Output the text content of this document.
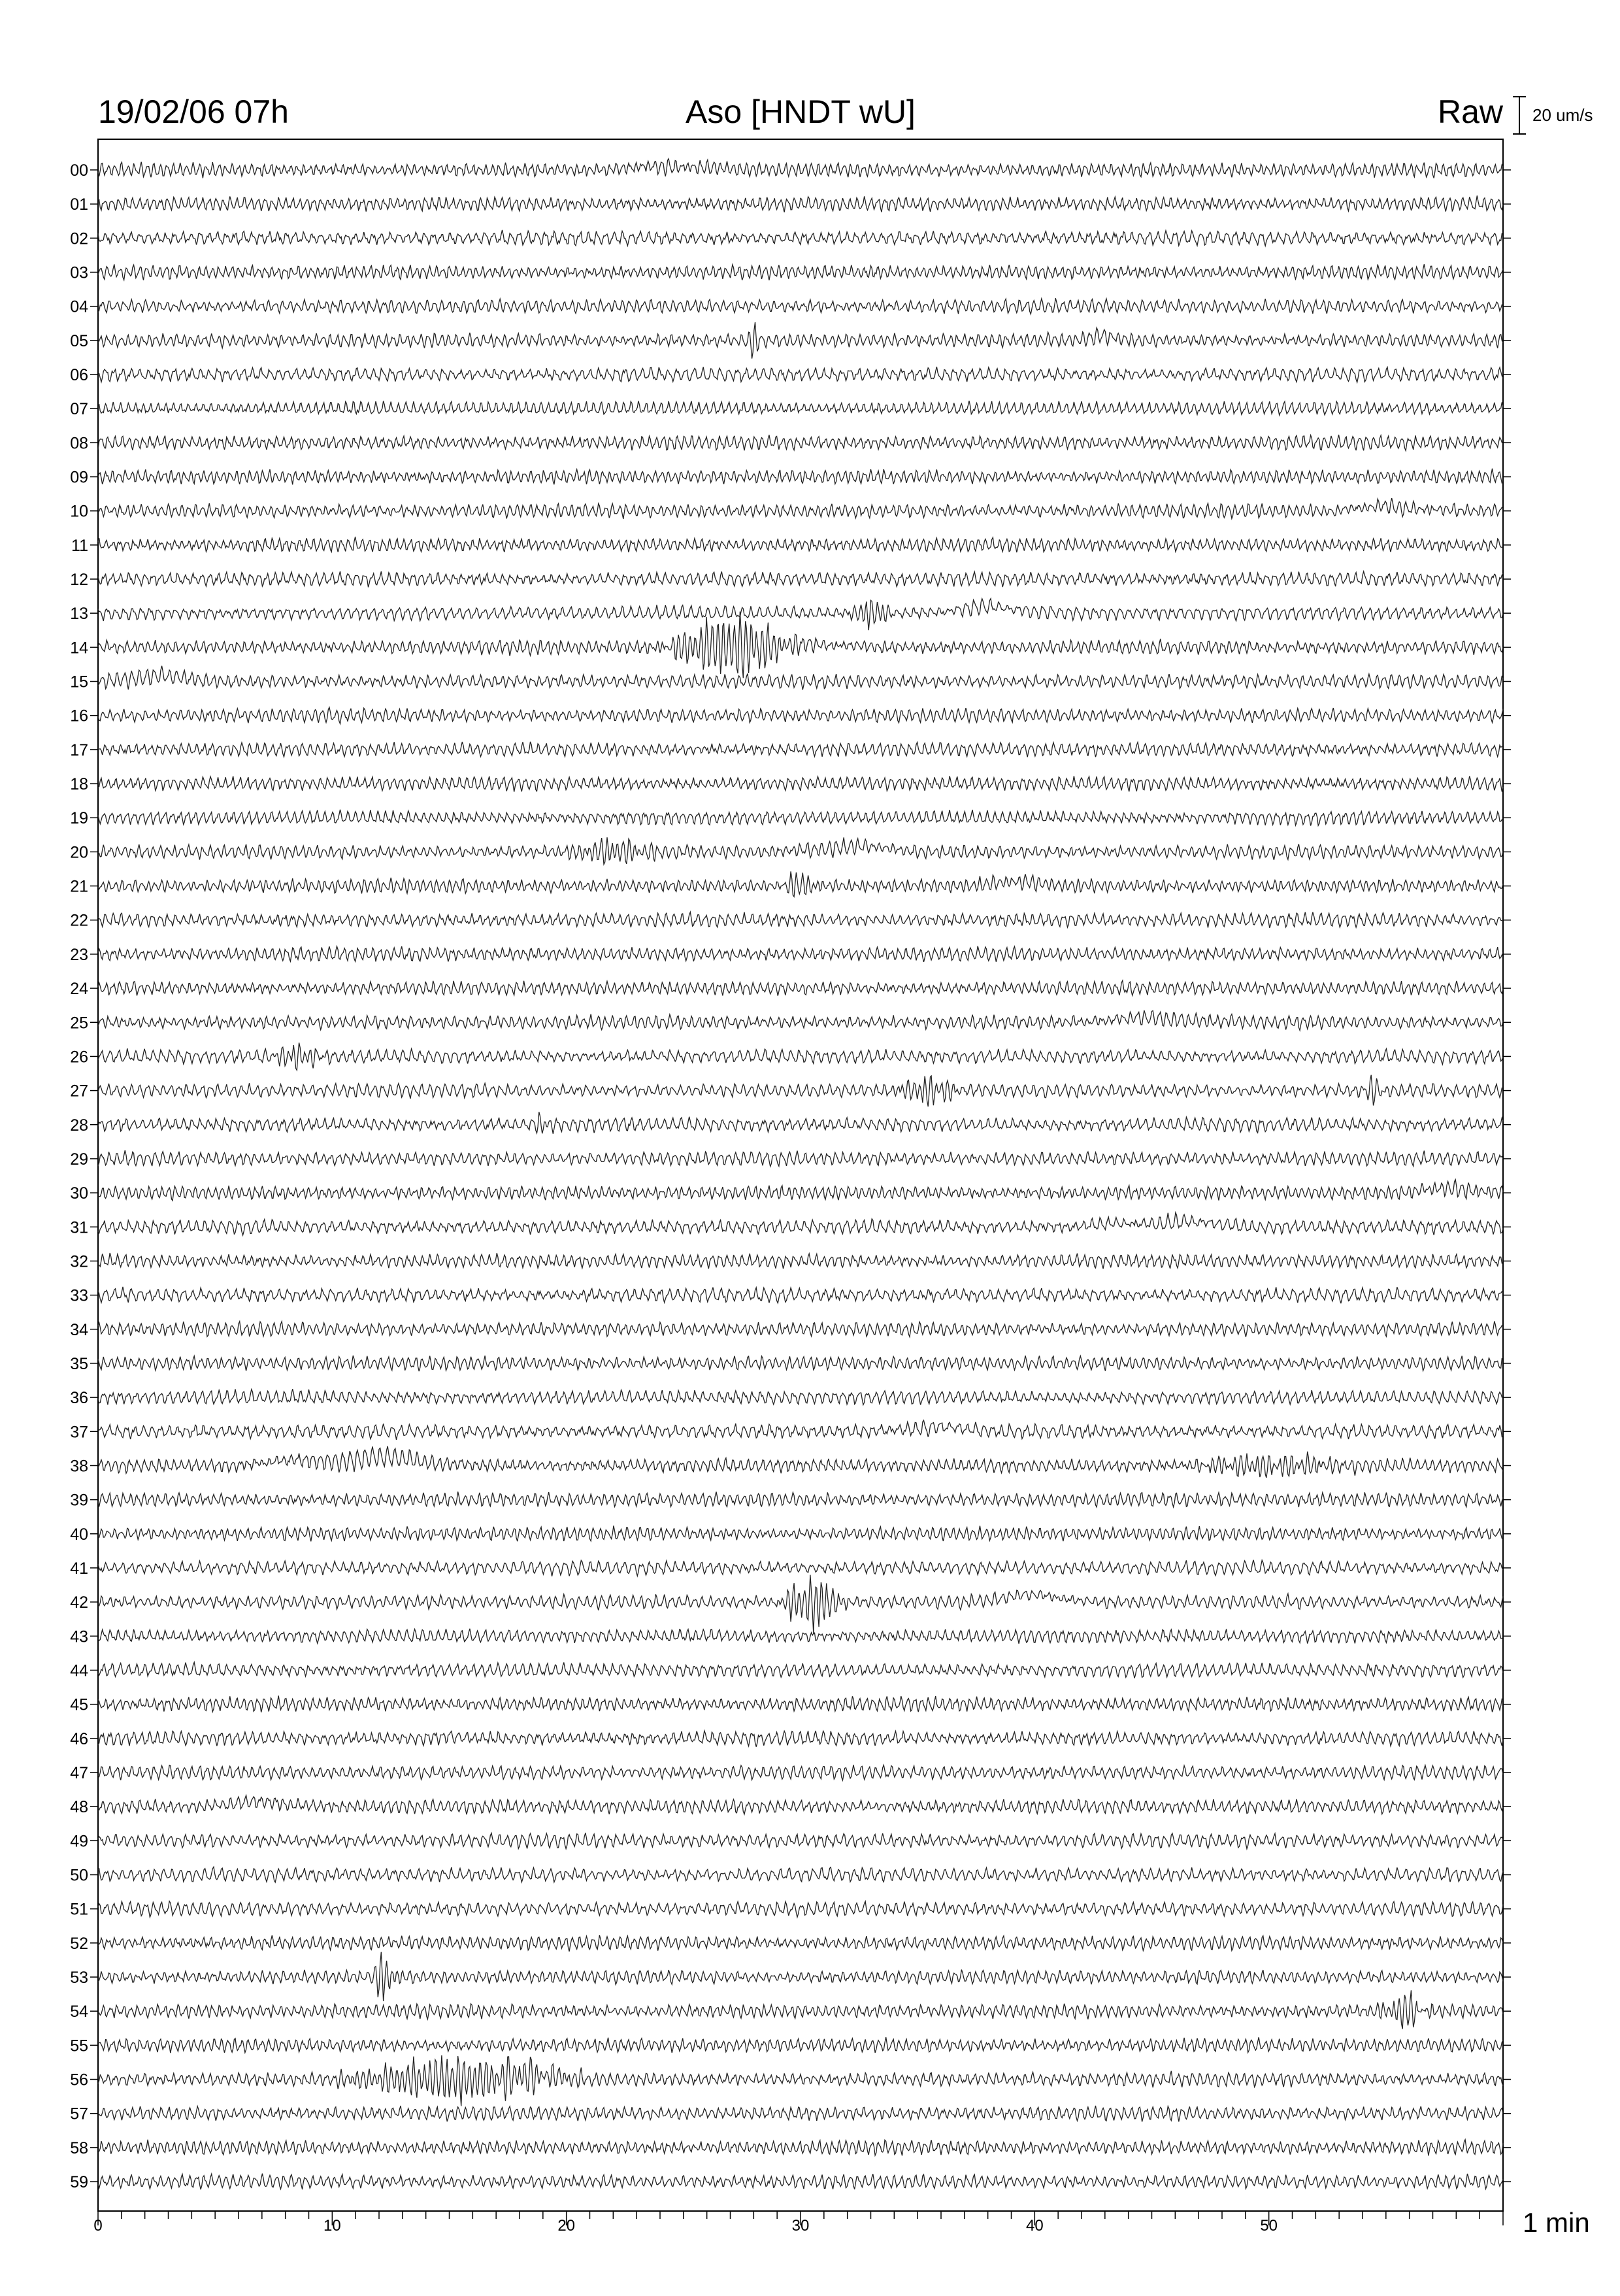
19/02/06 07h	Aso [HNDT wU]	Raw 20 um/s
00
01
02
03
04
05
06
07
08
09
10
11
12
13
14
15
16
17
18
19
20
21
22
23
24
25
26
27
28
29
30
31
32
33
34
35
36
37
38
39
40
41
42
43
44
45
46
47
48
49
50
51
52
53
54
55
56
57
58
59
0	10	20	30	40	50	1 min
